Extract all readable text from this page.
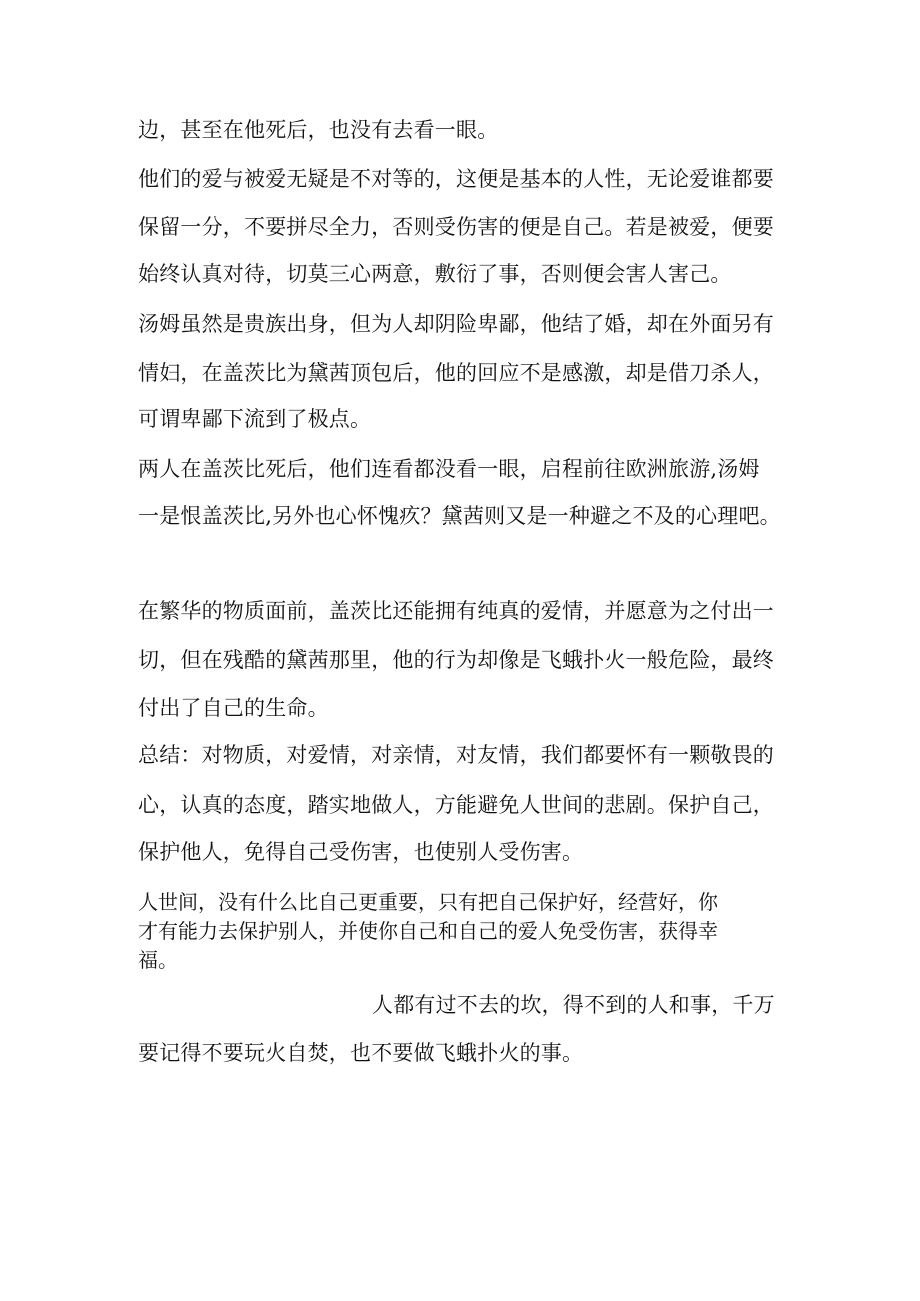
边，甚至在他死后，也没有去看一眼。

他们的爱与被爱无疑是不对等的，这便是基本的人性，无论爱谁都要

保留一分，不要拼尽全力，否则受伤害的便是自己。若是被爱，便要

始终认真对待，切莫三心两意，敷衍了事，否则便会害人害己。

汤姆虽然是贵族出身，但为人却阴险卑鄙，他结了婚，却在外面另有

情妇，在盖茨比为黛茜顶包后，他的回应不是感激，却是借刀杀人，

可谓卑鄙下流到了极点。

两人在盖茨比死后，他们连看都没看一眼，启程前往欧洲旅游,汤姆

一是恨盖茨比,另外也心怀愧疚？黛茜则又是一种避之不及的心理吧。

在繁华的物质面前，盖茨比还能拥有纯真的爱情，并愿意为之付出一

切，但在残酷的黛茜那里，他的行为却像是飞蛾扑火一般危险，最终

付出了自己的生命。

总结：对物质，对爱情，对亲情，对友情，我们都要怀有一颗敬畏的

心，认真的态度，踏实地做人，方能避免人世间的悲剧。保护自己，

保护他人，免得自己受伤害，也使别人受伤害。

人世间，没有什么比自己更重要，只有把自己保护好，经营好，你

才有能力去保护别人，并使你自己和自己的爱人免受伤害，获得幸

福。

人都有过不去的坎，得不到的人和事，千万

要记得不要玩火自焚，也不要做飞蛾扑火的事。
